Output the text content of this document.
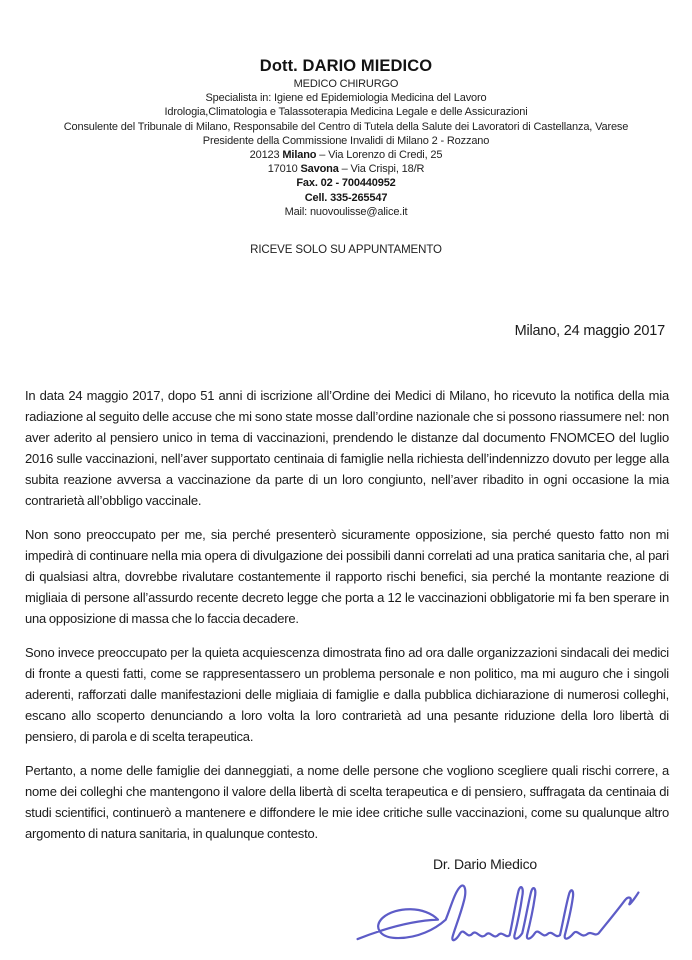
Dott. DARIO MIEDICO
MEDICO CHIRURGO
Specialista in: Igiene ed Epidemiologia Medicina del Lavoro
Idrologia,Climatologia e Talassoterapia Medicina Legale e delle Assicurazioni
Consulente del Tribunale di Milano, Responsabile del Centro di Tutela della Salute dei Lavoratori di Castellanza, Varese
Presidente della Commissione Invalidi di Milano 2 - Rozzano
20123 Milano – Via Lorenzo di Credi, 25
17010 Savona – Via Crispi, 18/R
Fax. 02 - 700440952
Cell. 335-265547
Mail: nuovoulisse@alice.it
RICEVE SOLO SU APPUNTAMENTO
Milano, 24 maggio 2017

In data 24 maggio 2017, dopo 51 anni di iscrizione all’Ordine dei Medici di Milano, ho ricevuto la notifica della mia radiazione al seguito delle accuse che mi sono state mosse dall’ordine nazionale che si possono riassumere nel: non aver aderito al pensiero unico in tema di vaccinazioni, prendendo le distanze dal documento FNOMCEO del luglio 2016 sulle vaccinazioni, nell’aver supportato centinaia di famiglie nella richiesta dell’indennizzo dovuto per legge alla subita reazione avversa a vaccinazione da parte di un loro congiunto, nell’aver ribadito in ogni occasione la mia contrarietà all’obbligo vaccinale.

Non sono preoccupato per me, sia perché presenterò sicuramente opposizione, sia perché questo fatto non mi impedirà di continuare nella mia opera di divulgazione dei possibili danni correlati ad una pratica sanitaria che, al pari di qualsiasi altra, dovrebbe rivalutare costantemente il rapporto rischi benefici, sia perché la montante reazione di migliaia di persone all’assurdo recente decreto legge che porta a 12 le vaccinazioni obbligatorie mi fa ben sperare in una opposizione di massa che lo faccia decadere.

Sono invece preoccupato per la quieta acquiescenza dimostrata fino ad ora dalle organizzazioni sindacali dei medici di fronte a questi fatti, come se rappresentassero un problema personale e non politico, ma mi auguro che i singoli aderenti, rafforzati dalle manifestazioni delle migliaia di famiglie e dalla pubblica dichiarazione di numerosi colleghi, escano allo scoperto denunciando a loro volta la loro contrarietà ad una pesante riduzione della loro libertà di pensiero, di parola e di scelta terapeutica.

Pertanto, a nome delle famiglie dei danneggiati, a nome delle persone che vogliono scegliere quali rischi correre, a nome dei colleghi che mantengono il valore della libertà di scelta terapeutica e di pensiero, suffragata da centinaia di studi scientifici, continuerò a mantenere e diffondere le mie idee critiche sulle vaccinazioni, come su qualunque altro argomento di natura sanitaria, in qualunque contesto.

Dr. Dario Miedico
